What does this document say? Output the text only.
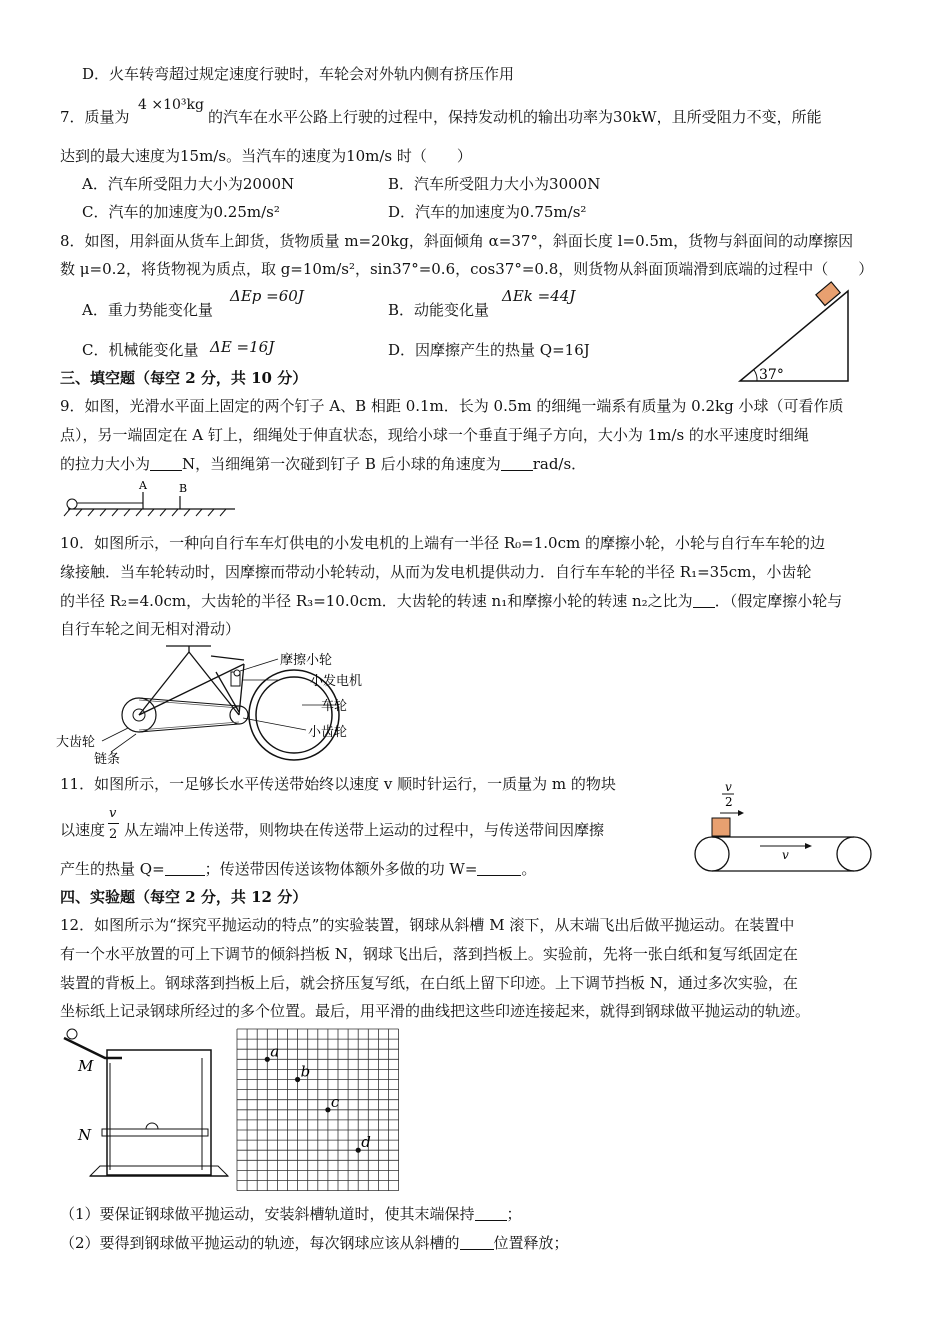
D．火车转弯超过规定速度行驶时，车轮会对外轨内侧有挤压作用
7．质量为
4 ×10³kg
的汽车在水平公路上行驶的过程中，保持发动机的输出功率为30kW，且所受阻力不变，所能
达到的最大速度为15m/s。当汽车的速度为10m/s 时（　　）
A．汽车所受阻力大小为2000N	B．汽车所受阻力大小为3000N
C．汽车的加速度为0.25m/s²	D．汽车的加速度为0.75m/s²
8．如图，用斜面从货车上卸货，货物质量 m=20kg，斜面倾角 α=37°，斜面长度 l=0.5m，货物与斜面间的动摩擦因
数 μ=0.2，将货物视为质点，取 g=10m/s²，sin37°=0.6，cos37°=0.8，则货物从斜面顶端滑到底端的过程中（　　）
A．重力势能变化量
ΔEp =60J
B．动能变化量
ΔEk =44J
C．机械能变化量 ΔE =16J	D．因摩擦产生的热量 Q=16J
37°
三、填空题（每空 2 分，共 10 分）
9．如图，光滑水平面上固定的两个钉子 A、B 相距 0.1m．长为 0.5m 的细绳一端系有质量为 0.2kg 小球（可看作质
点），另一端固定在 A 钉上，细绳处于伸直状态，现给小球一个垂直于绳子方向，大小为 1m/s 的水平速度时细绳
的拉力大小为 N，当细绳第一次碰到钉子 B 后小球的角速度为 rad/s．
A	B
10．如图所示，一种向自行车车灯供电的小发电机的上端有一半径 R₀=1.0cm 的摩擦小轮，小轮与自行车车轮的边
缘接触．当车轮转动时，因摩擦而带动小轮转动，从而为发电机提供动力．自行车车轮的半径 R₁=35cm，小齿轮
的半径 R₂=4.0cm，大齿轮的半径 R₃=10.0cm．大齿轮的转速 n₁和摩擦小轮的转速 n₂之比为 ．（假定摩擦小轮与
自行车轮之间无相对滑动）
摩擦小轮
小发电机
车轮
小齿轮
大齿轮
链条
11．如图所示，一足够长水平传送带始终以速度 v 顺时针运行，一质量为 m 的物块
以速度
v
2 从左端冲上传送带，则物块在传送带上运动的过程中，与传送带间因摩擦
产生的热量 Q=	；传送带因传送该物体额外多做的功 W=	。
v
2
v
四、实验题（每空 2 分，共 12 分）
12．如图所示为“探究平抛运动的特点”的实验装置，钢球从斜槽 M 滚下，从末端飞出后做平抛运动。在装置中
有一个水平放置的可上下调节的倾斜挡板 N，钢球飞出后，落到挡板上。实验前，先将一张白纸和复写纸固定在
装置的背板上。钢球落到挡板上后，就会挤压复写纸，在白纸上留下印迹。上下调节挡板 N，通过多次实验，在
坐标纸上记录钢球所经过的多个位置。最后，用平滑的曲线把这些印迹连接起来，就得到钢球做平抛运动的轨迹。
M
N
a
b
c
d
（1）要保证钢球做平抛运动，安装斜槽轨道时，使其末端保持 ；
（2）要得到钢球做平抛运动的轨迹，每次钢球应该从斜槽的 位置释放；
